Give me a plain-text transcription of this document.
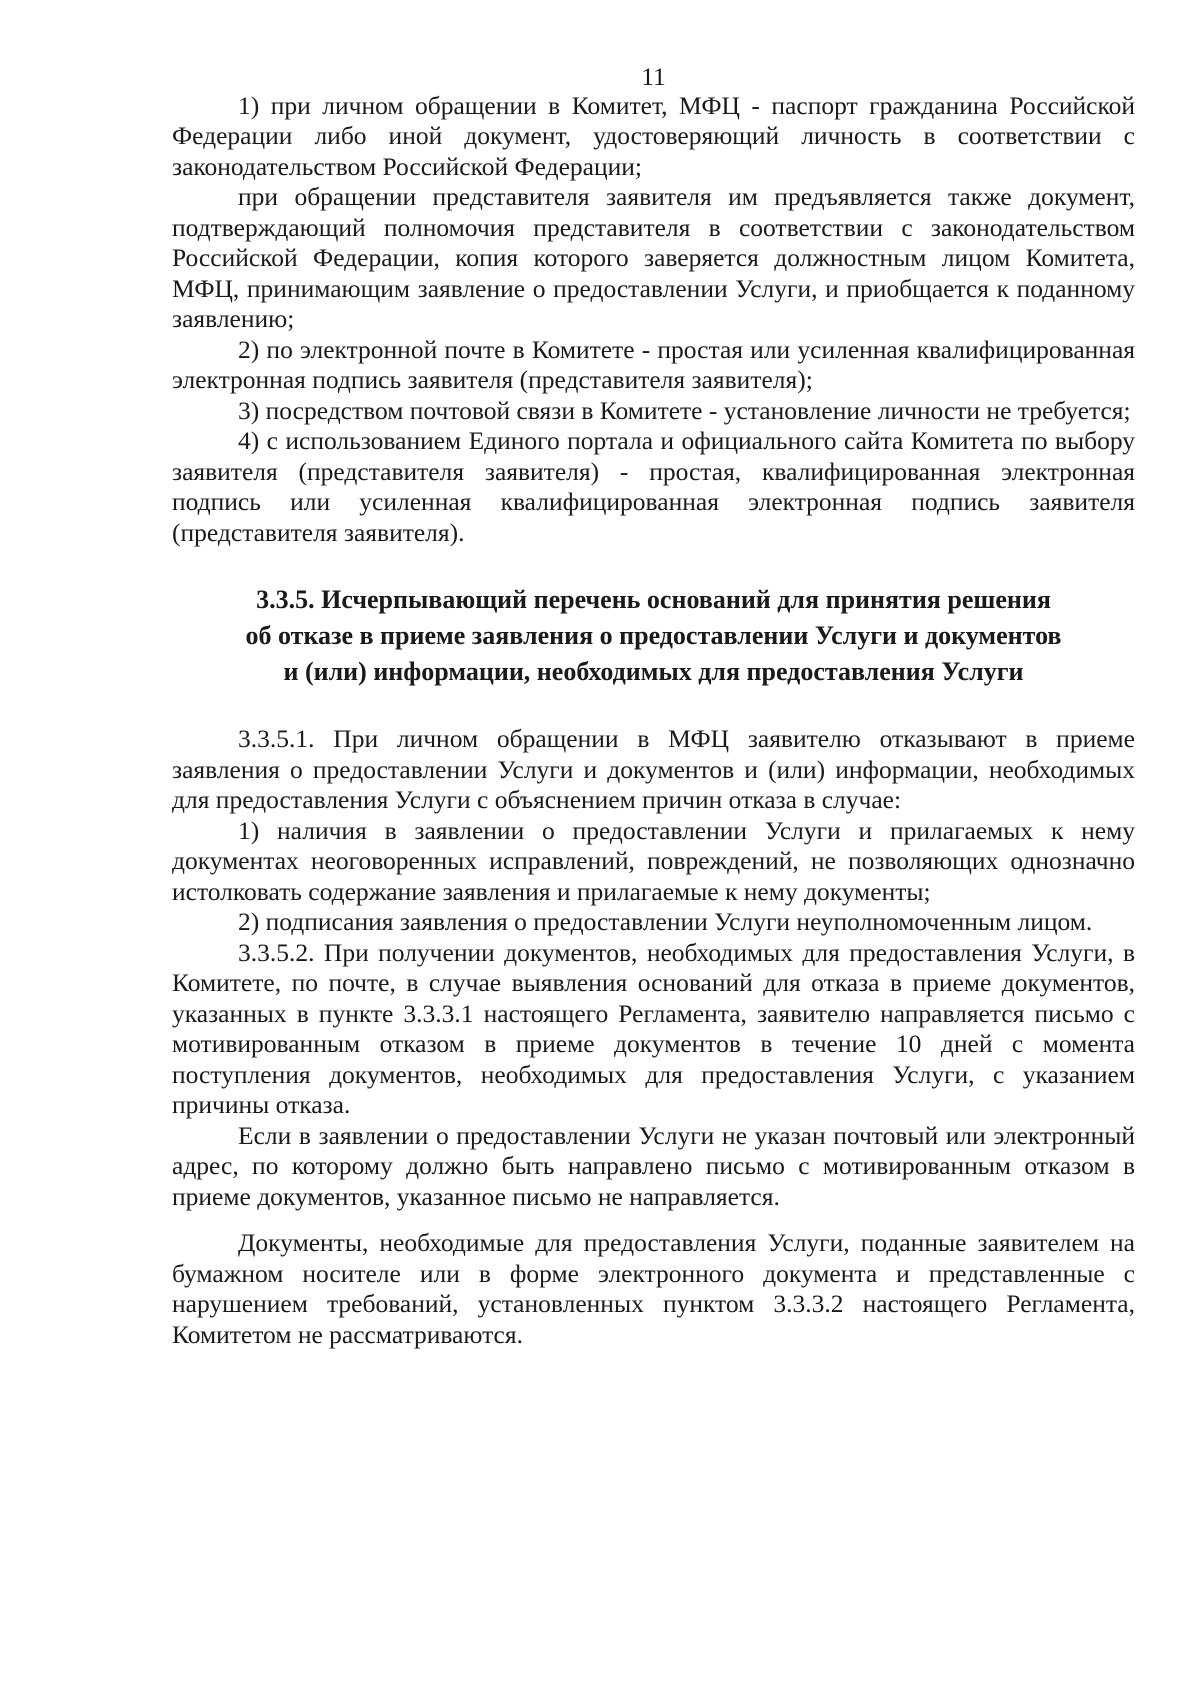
11

1) при личном обращении в Комитет, МФЦ - паспорт гражданина Российской Федерации либо иной документ, удостоверяющий личность в соответствии с законодательством Российской Федерации;

при обращении представителя заявителя им предъявляется также документ, подтверждающий полномочия представителя в соответствии с законодательством Российской Федерации, копия которого заверяется должностным лицом Комитета, МФЦ, принимающим заявление о предоставлении Услуги, и приобщается к поданному заявлению;

2) по электронной почте в Комитете - простая или усиленная квалифицированная электронная подпись заявителя (представителя заявителя);

3) посредством почтовой связи в Комитете - установление личности не требуется;

4) с использованием Единого портала и официального сайта Комитета по выбору заявителя (представителя заявителя) - простая, квалифицированная электронная подпись или усиленная квалифицированная электронная подпись заявителя (представителя заявителя).

3.3.5. Исчерпывающий перечень оснований для принятия решения
об отказе в приеме заявления о предоставлении Услуги и документов
и (или) информации, необходимых для предоставления Услуги

3.3.5.1. При личном обращении в МФЦ заявителю отказывают в приеме заявления о предоставлении Услуги и документов и (или) информации, необходимых для предоставления Услуги с объяснением причин отказа в случае:

1) наличия в заявлении о предоставлении Услуги и прилагаемых к нему документах неоговоренных исправлений, повреждений, не позволяющих однозначно истолковать содержание заявления и прилагаемые к нему документы;

2) подписания заявления о предоставлении Услуги неуполномоченным лицом.

3.3.5.2. При получении документов, необходимых для предоставления Услуги, в Комитете, по почте, в случае выявления оснований для отказа в приеме документов, указанных в пункте 3.3.3.1 настоящего Регламента, заявителю направляется письмо с мотивированным отказом в приеме документов в течение 10 дней с момента поступления документов, необходимых для предоставления Услуги, с указанием причины отказа.

Если в заявлении о предоставлении Услуги не указан почтовый или электронный адрес, по которому должно быть направлено письмо с мотивированным отказом в приеме документов, указанное письмо не направляется.

Документы, необходимые для предоставления Услуги, поданные заявителем на бумажном носителе или в форме электронного документа и представленные с нарушением требований, установленных пунктом 3.3.3.2 настоящего Регламента, Комитетом не рассматриваются.
